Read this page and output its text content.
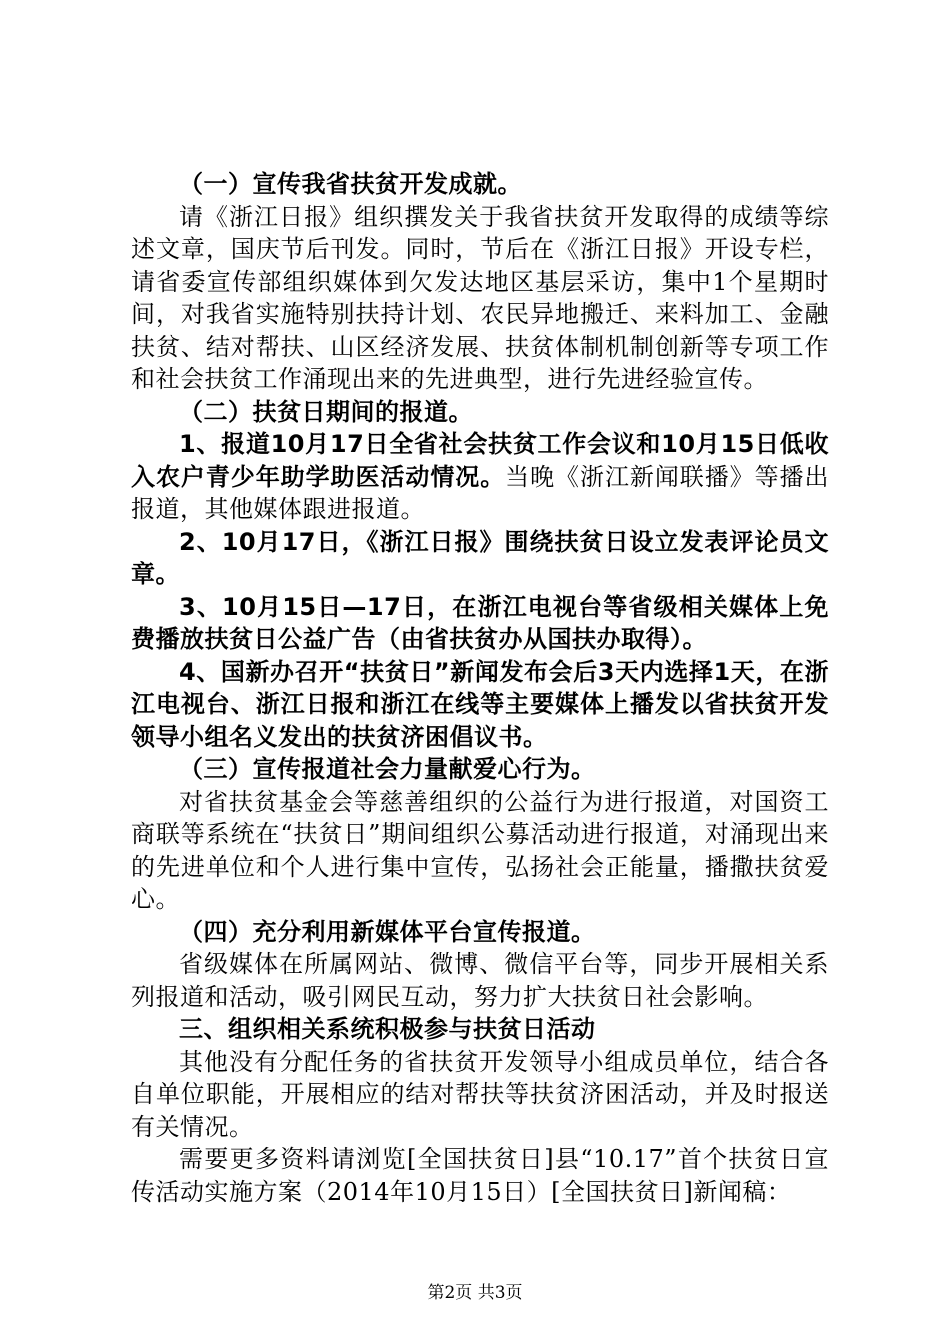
（一）宣传我省扶贫开发成就。

请《浙江日报》组织撰发关于我省扶贫开发取得的成绩等综述文章，国庆节后刊发。同时，节后在《浙江日报》开设专栏，请省委宣传部组织媒体到欠发达地区基层采访，集中1个星期时间，对我省实施特别扶持计划、农民异地搬迁、来料加工、金融扶贫、结对帮扶、山区经济发展、扶贫体制机制创新等专项工作和社会扶贫工作涌现出来的先进典型，进行先进经验宣传。

（二）扶贫日期间的报道。

1、报道10月17日全省社会扶贫工作会议和10月15日低收入农户青少年助学助医活动情况。当晚《浙江新闻联播》等播出报道，其他媒体跟进报道。

2、10月17日，《浙江日报》围绕扶贫日设立发表评论员文章。

3、10月15日—17日，在浙江电视台等省级相关媒体上免费播放扶贫日公益广告（由省扶贫办从国扶办取得）。

4、国新办召开“扶贫日”新闻发布会后3天内选择1天，在浙江电视台、浙江日报和浙江在线等主要媒体上播发以省扶贫开发领导小组名义发出的扶贫济困倡议书。

（三）宣传报道社会力量献爱心行为。

对省扶贫基金会等慈善组织的公益行为进行报道，对国资工商联等系统在“扶贫日”期间组织公募活动进行报道，对涌现出来的先进单位和个人进行集中宣传，弘扬社会正能量，播撒扶贫爱心。

（四）充分利用新媒体平台宣传报道。

省级媒体在所属网站、微博、微信平台等，同步开展相关系列报道和活动，吸引网民互动，努力扩大扶贫日社会影响。

三、组织相关系统积极参与扶贫日活动

其他没有分配任务的省扶贫开发领导小组成员单位，结合各自单位职能，开展相应的结对帮扶等扶贫济困活动，并及时报送有关情况。

需要更多资料请浏览[全国扶贫日]县“10.17”首个扶贫日宣传活动实施方案（2014年10月15日）[全国扶贫日]新闻稿：

第2页 共3页
